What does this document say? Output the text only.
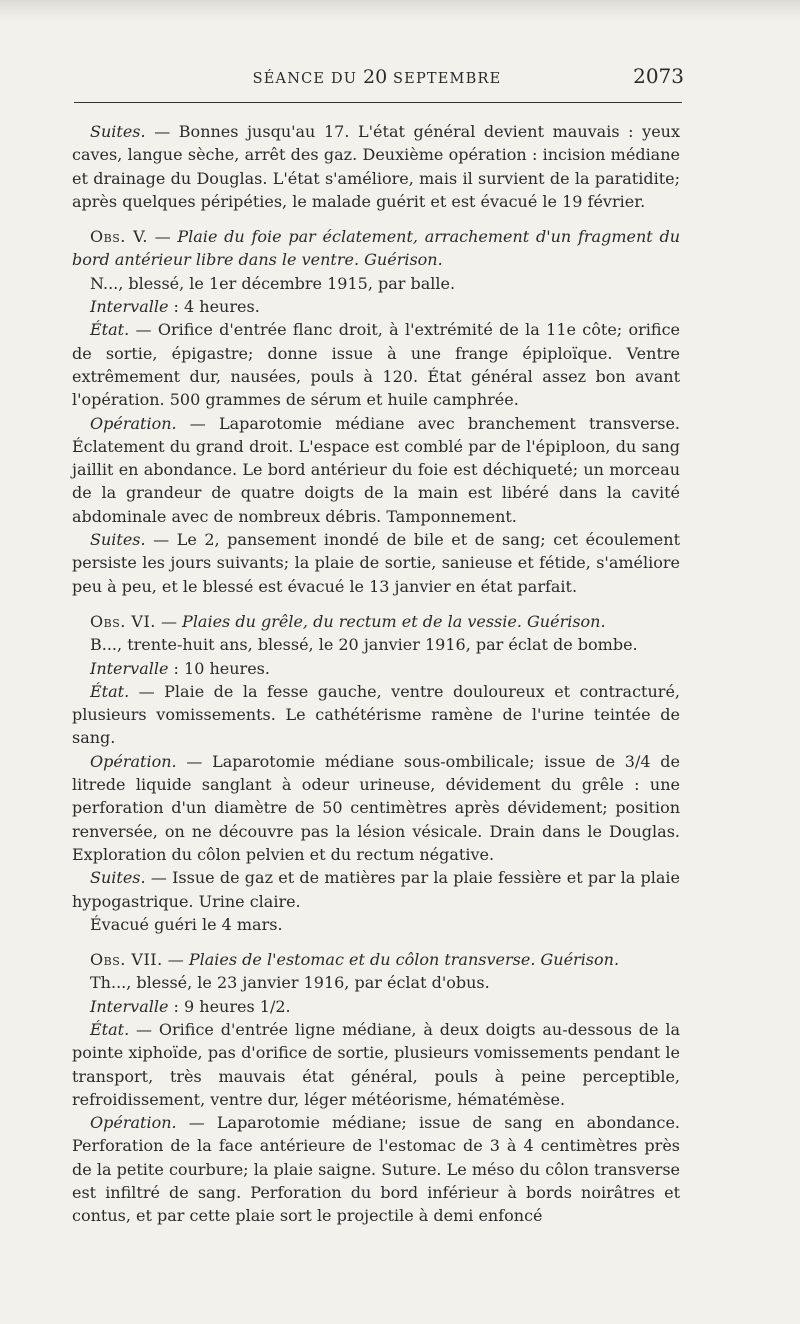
SÉANCE DU 20 SEPTEMBRE	2073

Suites. — Bonnes jusqu'au 17. L'état général devient mauvais : yeux caves, langue sèche, arrêt des gaz. Deuxième opération : incision médiane et drainage du Douglas. L'état s'améliore, mais il survient de la paratidite; après quelques péripéties, le malade guérit et est évacué le 19 février.

Obs. V. — Plaie du foie par éclatement, arrachement d'un fragment du bord antérieur libre dans le ventre. Guérison.

N..., blessé, le 1er décembre 1915, par balle.

Intervalle : 4 heures.

État. — Orifice d'entrée flanc droit, à l'extrémité de la 11e côte; orifice de sortie, épigastre; donne issue à une frange épiploïque. Ventre extrêmement dur, nausées, pouls à 120. État général assez bon avant l'opération. 500 grammes de sérum et huile camphrée.

Opération. — Laparotomie médiane avec branchement transverse. Éclatement du grand droit. L'espace est comblé par de l'épiploon, du sang jaillit en abondance. Le bord antérieur du foie est déchiqueté; un morceau de la grandeur de quatre doigts de la main est libéré dans la cavité abdominale avec de nombreux débris. Tamponnement.

Suites. — Le 2, pansement inondé de bile et de sang; cet écoulement persiste les jours suivants; la plaie de sortie, sanieuse et fétide, s'améliore peu à peu, et le blessé est évacué le 13 janvier en état parfait.

Obs. VI. — Plaies du grêle, du rectum et de la vessie. Guérison.

B..., trente-huit ans, blessé, le 20 janvier 1916, par éclat de bombe.

Intervalle : 10 heures.

État. — Plaie de la fesse gauche, ventre douloureux et contracturé, plusieurs vomissements. Le cathétérisme ramène de l'urine teintée de sang.

Opération. — Laparotomie médiane sous-ombilicale; issue de 3/4 de litrede liquide sanglant à odeur urineuse, dévidement du grêle : une perforation d'un diamètre de 50 centimètres après dévidement; position renversée, on ne découvre pas la lésion vésicale. Drain dans le Douglas. Exploration du côlon pelvien et du rectum négative.

Suites. — Issue de gaz et de matières par la plaie fessière et par la plaie hypogastrique. Urine claire.

Évacué guéri le 4 mars.

Obs. VII. — Plaies de l'estomac et du côlon transverse. Guérison.

Th..., blessé, le 23 janvier 1916, par éclat d'obus.

Intervalle : 9 heures 1/2.

État. — Orifice d'entrée ligne médiane, à deux doigts au-dessous de la pointe xiphoïde, pas d'orifice de sortie, plusieurs vomissements pendant le transport, très mauvais état général, pouls à peine perceptible, refroidissement, ventre dur, léger météorisme, hématémèse.

Opération. — Laparotomie médiane; issue de sang en abondance. Perforation de la face antérieure de l'estomac de 3 à 4 centimètres près de la petite courbure; la plaie saigne. Suture. Le méso du côlon transverse est infiltré de sang. Perforation du bord inférieur à bords noirâtres et contus, et par cette plaie sort le projectile à demi enfoncé
